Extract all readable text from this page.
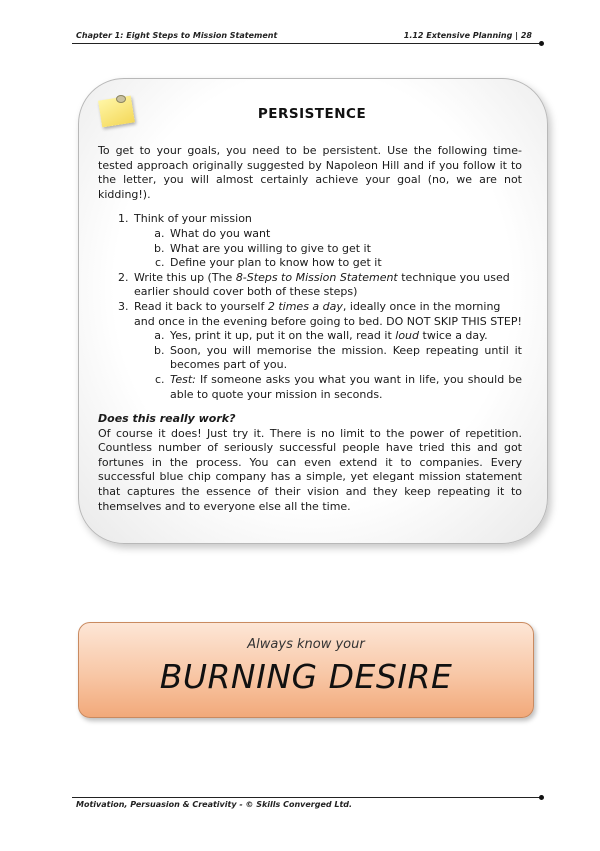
Chapter 1: Eight Steps to Mission Statement	1.12 Extensive Planning | 28
PERSISTENCE

To get to your goals, you need to be persistent. Use the following time-tested approach originally suggested by Napoleon Hill and if you follow it to the letter, you will almost certainly achieve your goal (no, we are not kidding!).

1. Think of your mission
a. What do you want
b. What are you willing to give to get it
c. Define your plan to know how to get it
2. Write this up (The 8-Steps to Mission Statement technique you used earlier should cover both of these steps)
3. Read it back to yourself 2 times a day, ideally once in the morning and once in the evening before going to bed. DO NOT SKIP THIS STEP!
a. Yes, print it up, put it on the wall, read it loud twice a day.
b. Soon, you will memorise the mission. Keep repeating until it becomes part of you.
c. Test: If someone asks you what you want in life, you should be able to quote your mission in seconds.

Does this really work?

Of course it does! Just try it. There is no limit to the power of repetition. Countless number of seriously successful people have tried this and got fortunes in the process. You can even extend it to companies. Every successful blue chip company has a simple, yet elegant mission statement that captures the essence of their vision and they keep repeating it to themselves and to everyone else all the time.

Always know your
BURNING DESIRE
Motivation, Persuasion & Creativity - © Skills Converged Ltd.
